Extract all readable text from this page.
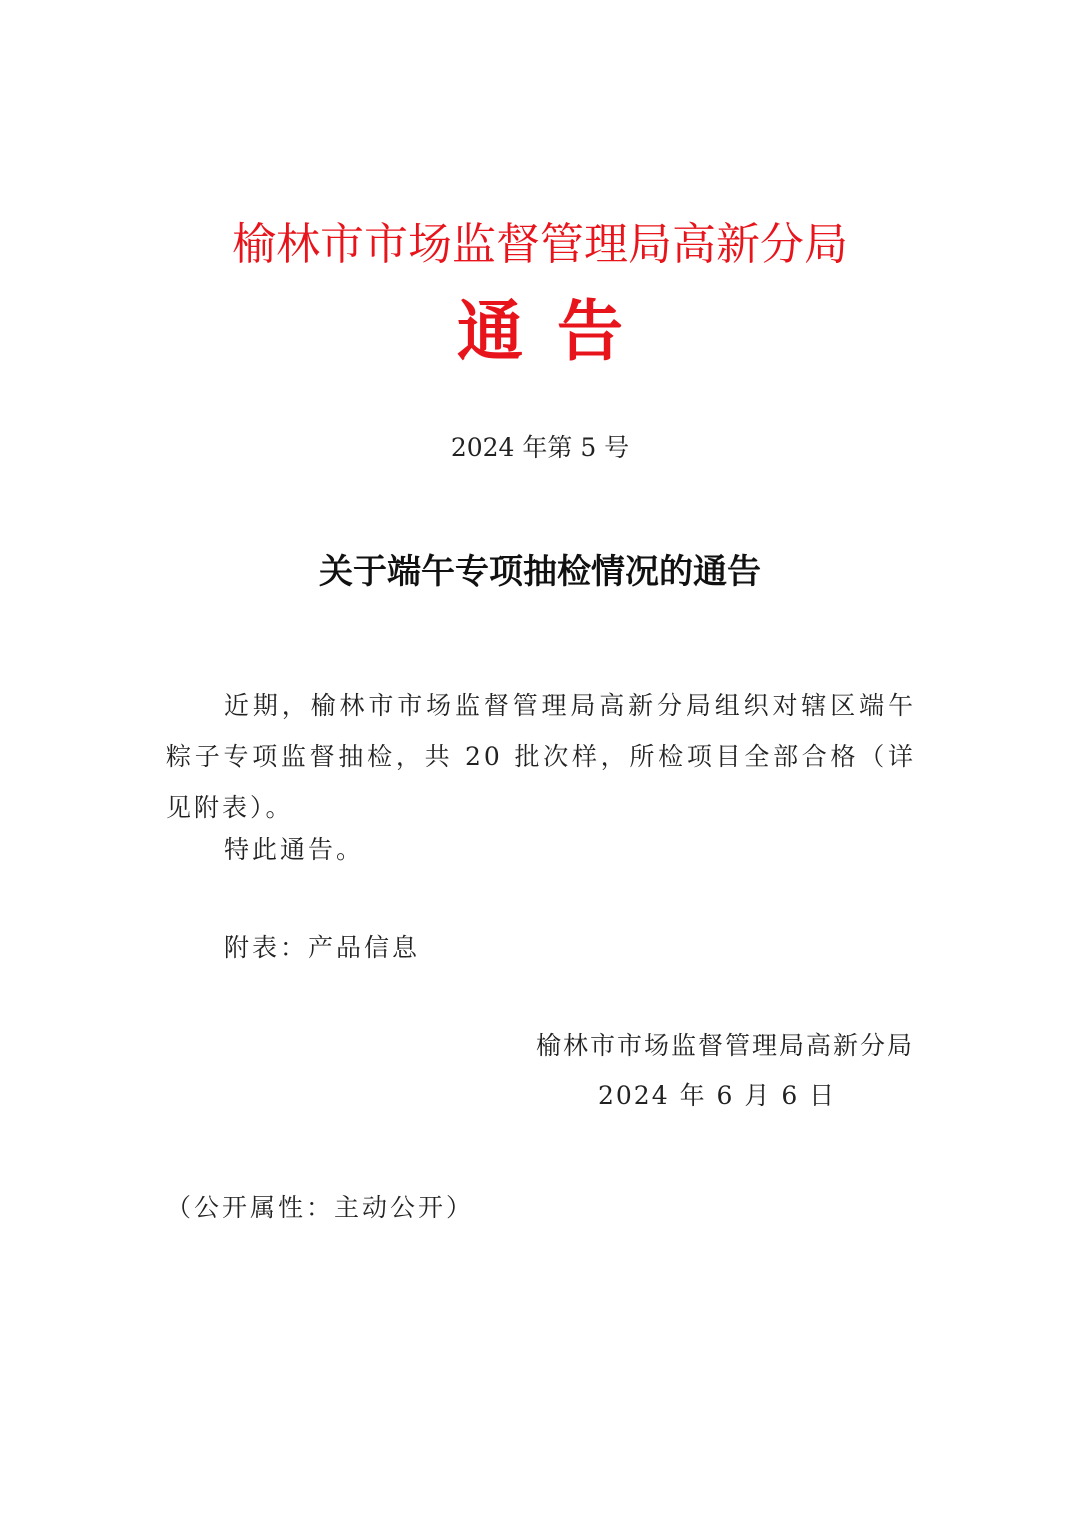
榆林市市场监督管理局高新分局
通告
2024 年第 5 号
关于端午专项抽检情况的通告

近期，榆林市市场监督管理局高新分局组织对辖区端午粽子专项监督抽检，共 20 批次样，所检项目全部合格（详见附表）。

特此通告。
附表：产品信息
榆林市市场监督管理局高新分局
2024 年 6 月 6 日
（公开属性：主动公开）
